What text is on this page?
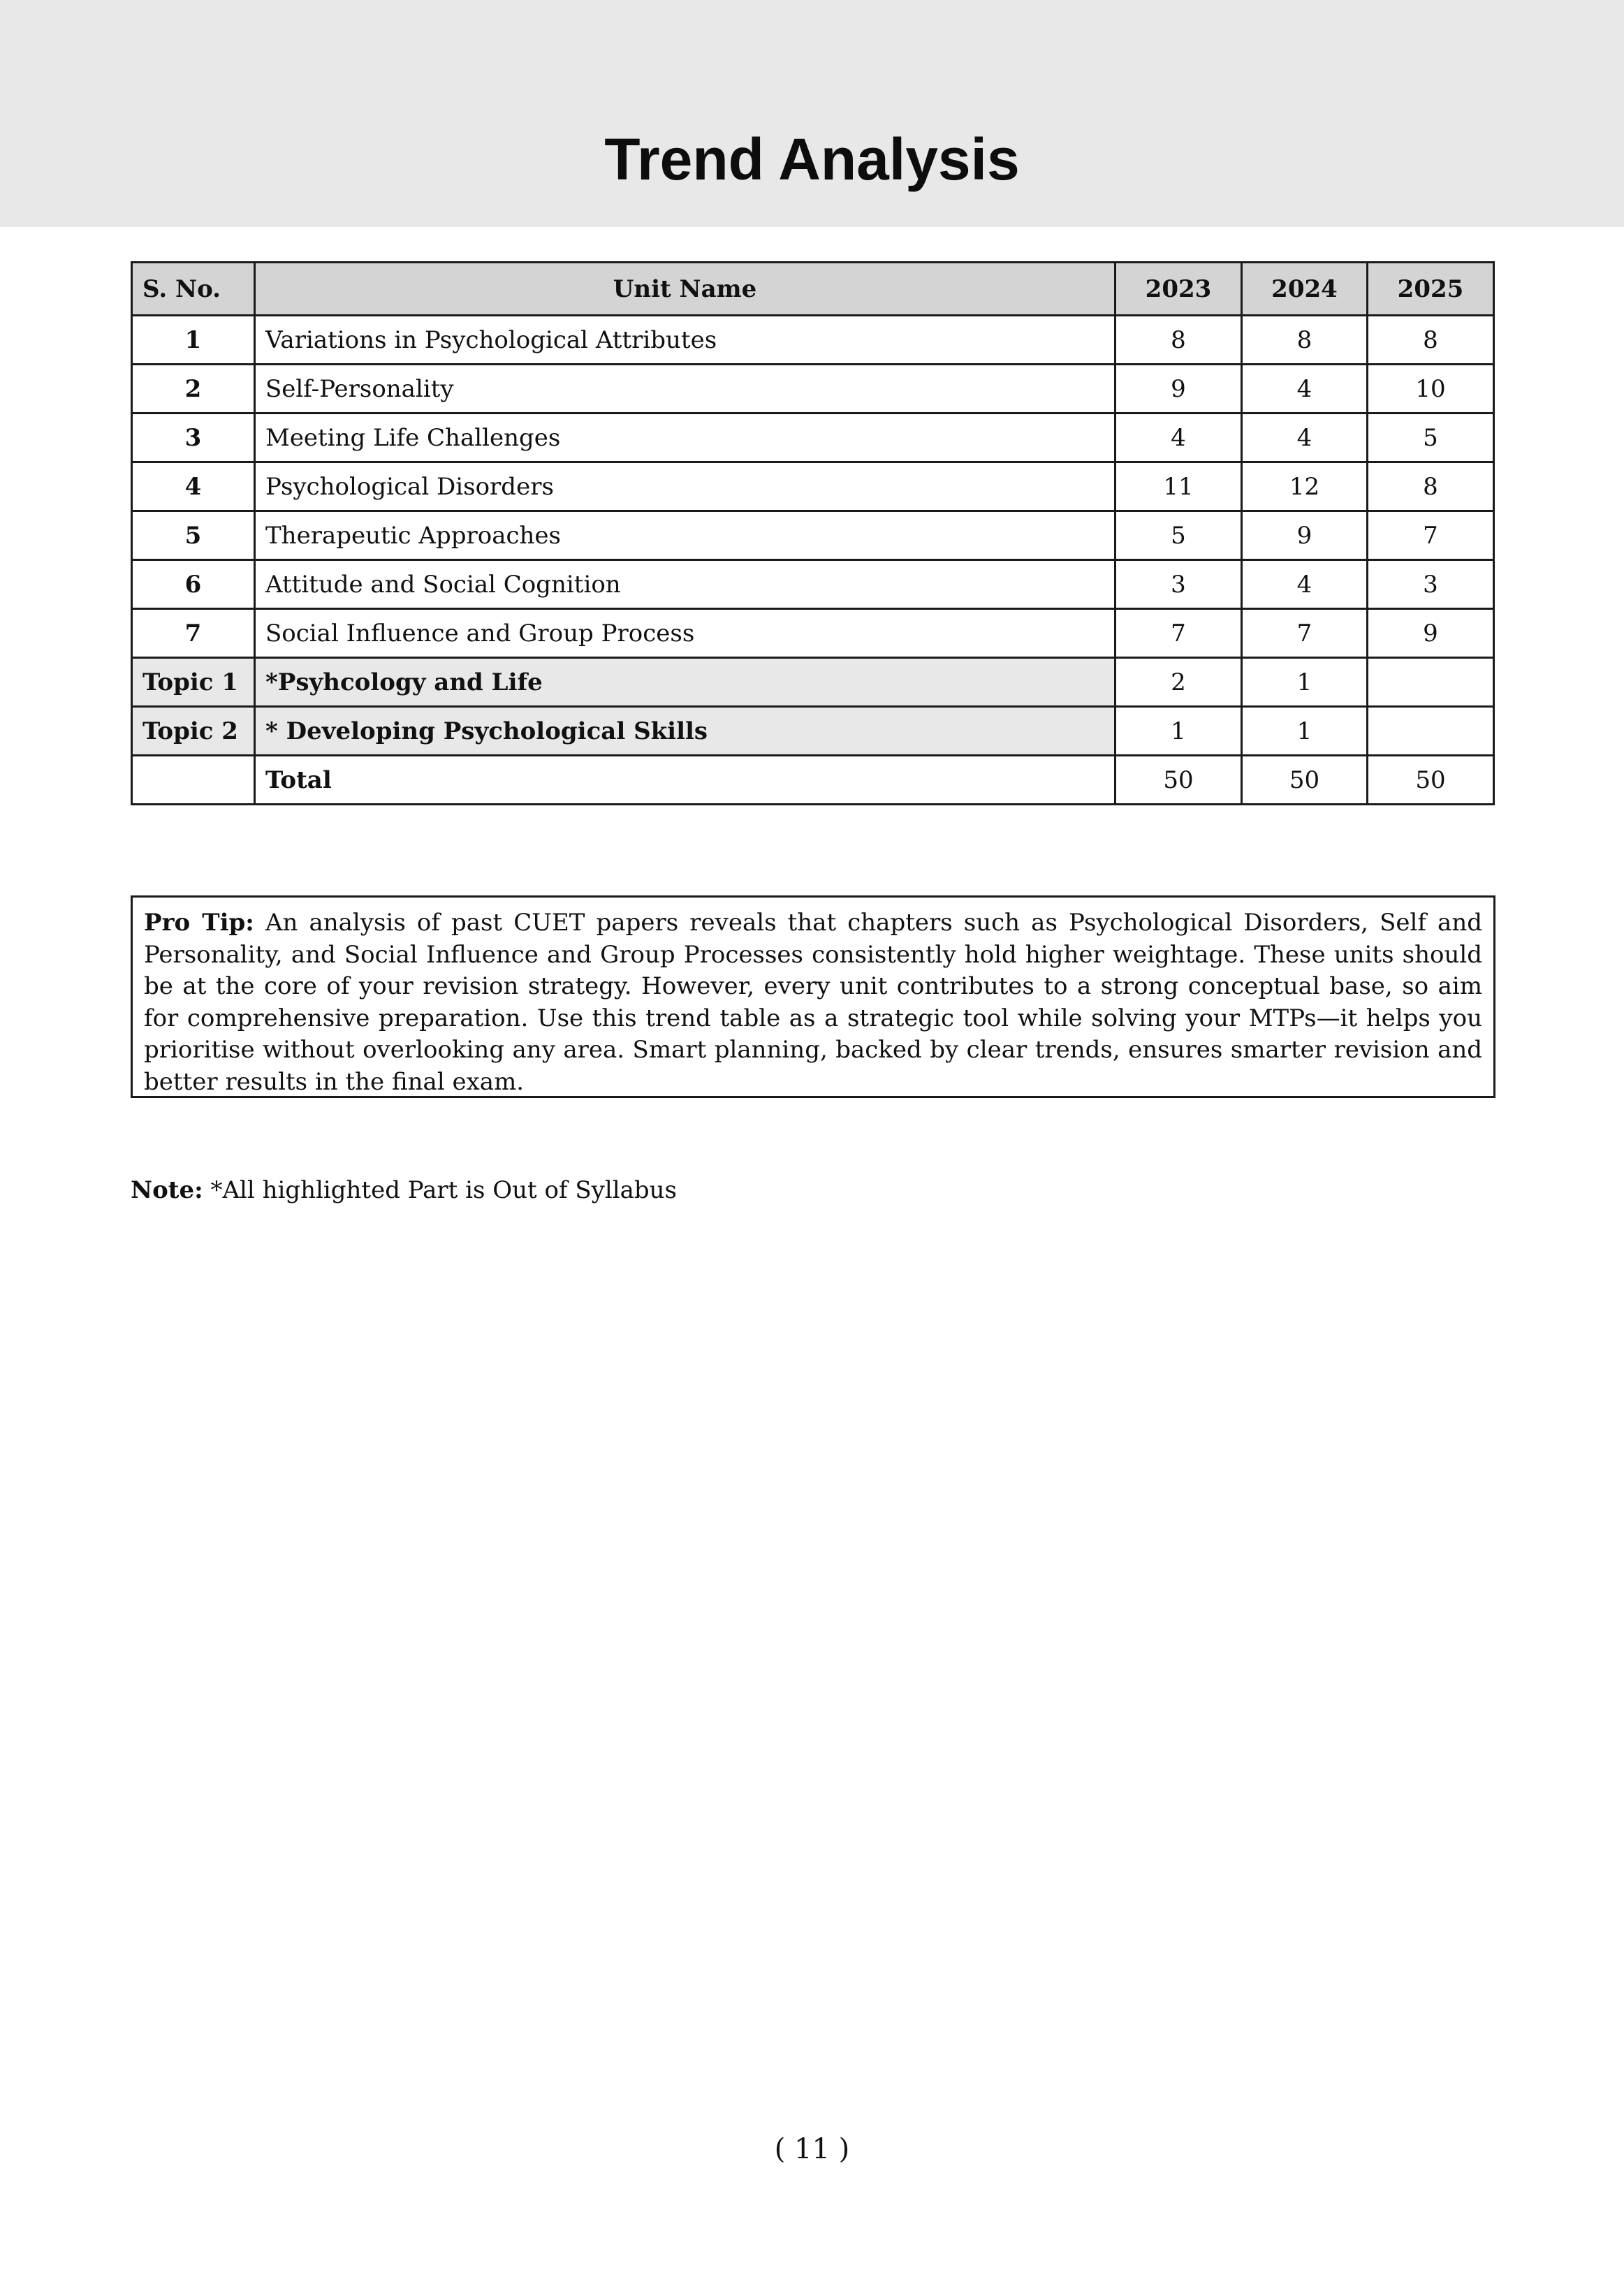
Trend Analysis
S. No.	Unit Name	2023	2024	2025
1	Variations in Psychological Attributes	8	8	8
2	Self-Personality	9	4	10
3	Meeting Life Challenges	4	4	5
4	Psychological Disorders	11	12	8
5	Therapeutic Approaches	5	9	7
6	Attitude and Social Cognition	3	4	3
7	Social Influence and Group Process	7	7	9
Topic 1	*Psyhcology and Life	2	1	
Topic 2	* Developing Psychological Skills	1	1	
	Total	50	50	50
Pro Tip: An analysis of past CUET papers reveals that chapters such as Psychological Disorders, Self and Personality, and Social Influence and Group Processes consistently hold higher weightage. These units should be at the core of your revision strategy. However, every unit contributes to a strong conceptual base, so aim for comprehensive preparation. Use this trend table as a strategic tool while solving your MTPs—it helps you prioritise without overlooking any area. Smart planning, backed by clear trends, ensures smarter revision and better results in the final exam.
Note: *All highlighted Part is Out of Syllabus
( 11 )
